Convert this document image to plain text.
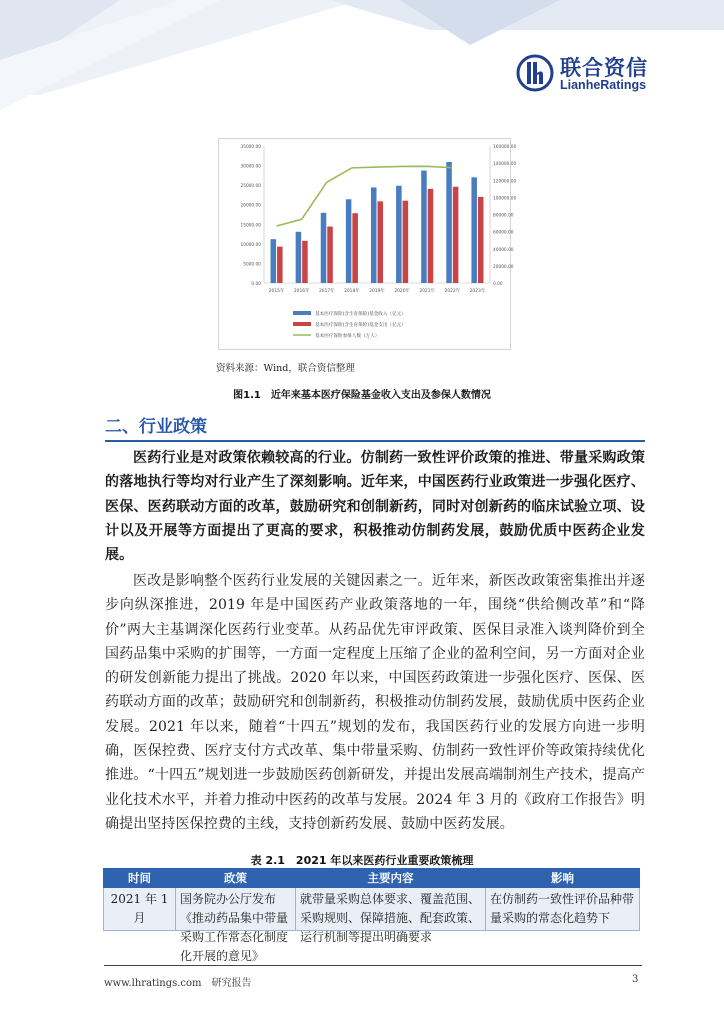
联合资信
LianheRatings
0.00
5000.00
10000.00
15000.00
20000.00
25000.00
30000.00
35000.00
0.00
20000.00
40000.00
60000.00
80000.00
100000.00
120000.00
140000.00
160000.00
2015年 2016年 2017年 2018年 2019年 2020年 2021年 2022年 2023年
基本医疗保险(含生育保险)基金收入（亿元）
基本医疗保险(含生育保险)基金支出（亿元）
基本医疗保险参保人数（万人）
资料来源：Wind，联合资信整理
图1.1　近年来基本医疗保险基金收入支出及参保人数情况
二、行业政策

医药行业是对政策依赖较高的行业。仿制药一致性评价政策的推进、带量采购政策的落地执行等均对行业产生了深刻影响。近年来，中国医药行业政策进一步强化医疗、医保、医药联动方面的改革，鼓励研究和创制新药，同时对创新药的临床试验立项、设计以及开展等方面提出了更高的要求，积极推动仿制药发展，鼓励优质中医药企业发展。

医改是影响整个医药行业发展的关键因素之一。近年来，新医改政策密集推出并逐步向纵深推进，2019 年是中国医药产业政策落地的一年，围绕“供给侧改革”和“降价”两大主基调深化医药行业变革。从药品优先审评政策、医保目录准入谈判降价到全国药品集中采购的扩围等，一方面一定程度上压缩了企业的盈利空间，另一方面对企业的研发创新能力提出了挑战。2020 年以来，中国医药政策进一步强化医疗、医保、医药联动方面的改革；鼓励研究和创制新药，积极推动仿制药发展，鼓励优质中医药企业发展。2021 年以来，随着“十四五”规划的发布，我国医药行业的发展方向进一步明确，医保控费、医疗支付方式改革、集中带量采购、仿制药一致性评价等政策持续优化推进。“十四五”规划进一步鼓励医药创新研发，并提出发展高端制剂生产技术，提高产业化技术水平，并着力推动中医药的改革与发展。2024 年 3 月的《政府工作报告》明确提出坚持医保控费的主线，支持创新药发展、鼓励中医药发展。

表 2.1　2021 年以来医药行业重要政策梳理
时间	政策	主要内容	影响

2021 年 1 月	国务院办公厅发布《推动药品集中带量采购工作常态化制度化开展的意见》	就带量采购总体要求、覆盖范围、采购规则、保障措施、配套政策、运行机制等提出明确要求	在仿制药一致性评价品种带量采购的常态化趋势下
www.lhratings.com　研究报告	3
